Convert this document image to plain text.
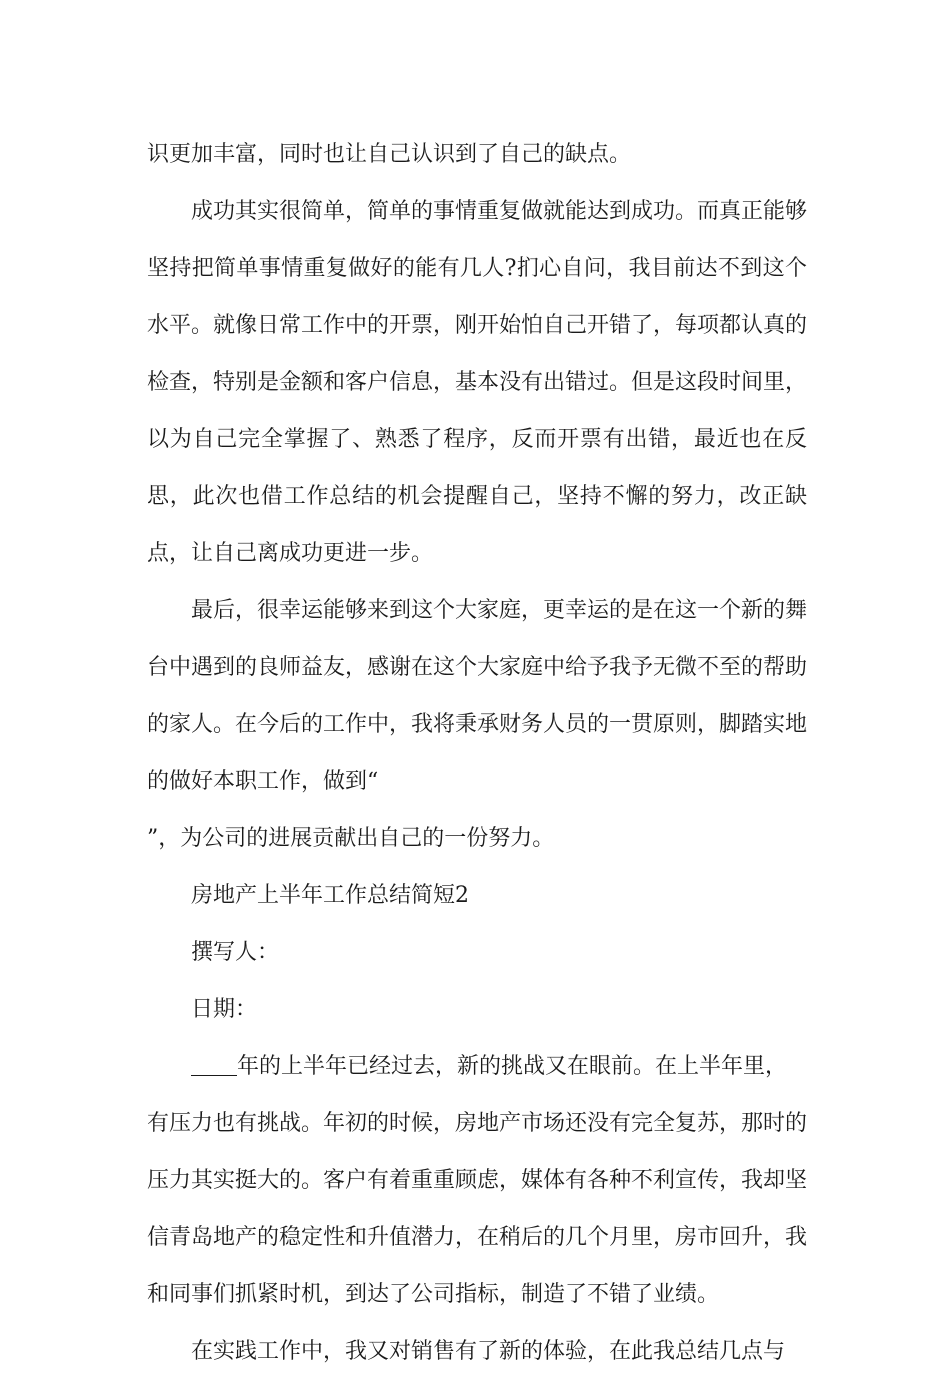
识更加丰富，同时也让自己认识到了自己的缺点。

成功其实很简单，简单的事情重复做就能达到成功。而真正能够坚持把简单事情重复做好的能有几人?扪心自问，我目前达不到这个水平。就像日常工作中的开票，刚开始怕自己开错了，每项都认真的检查，特别是金额和客户信息，基本没有出错过。但是这段时间里，以为自己完全掌握了、熟悉了程序，反而开票有出错，最近也在反思，此次也借工作总结的机会提醒自己，坚持不懈的努力，改正缺点，让自己离成功更进一步。

最后，很幸运能够来到这个大家庭，更幸运的是在这一个新的舞台中遇到的良师益友，感谢在这个大家庭中给予我予无微不至的帮助的家人。在今后的工作中，我将秉承财务人员的一贯原则，脚踏实地的做好本职工作，做到“

”，为公司的进展贡献出自己的一份努力。

房地产上半年工作总结简短2

撰写人：

日期：

年的上半年已经过去，新的挑战又在眼前。在上半年里，

有压力也有挑战。年初的时候，房地产市场还没有完全复苏，那时的压力其实挺大的。客户有着重重顾虑，媒体有各种不利宣传，我却坚信青岛地产的稳定性和升值潜力，在稍后的几个月里，房市回升，我和同事们抓紧时机，到达了公司指标，制造了不错了业绩。

在实践工作中，我又对销售有了新的体验，在此我总结几点与
